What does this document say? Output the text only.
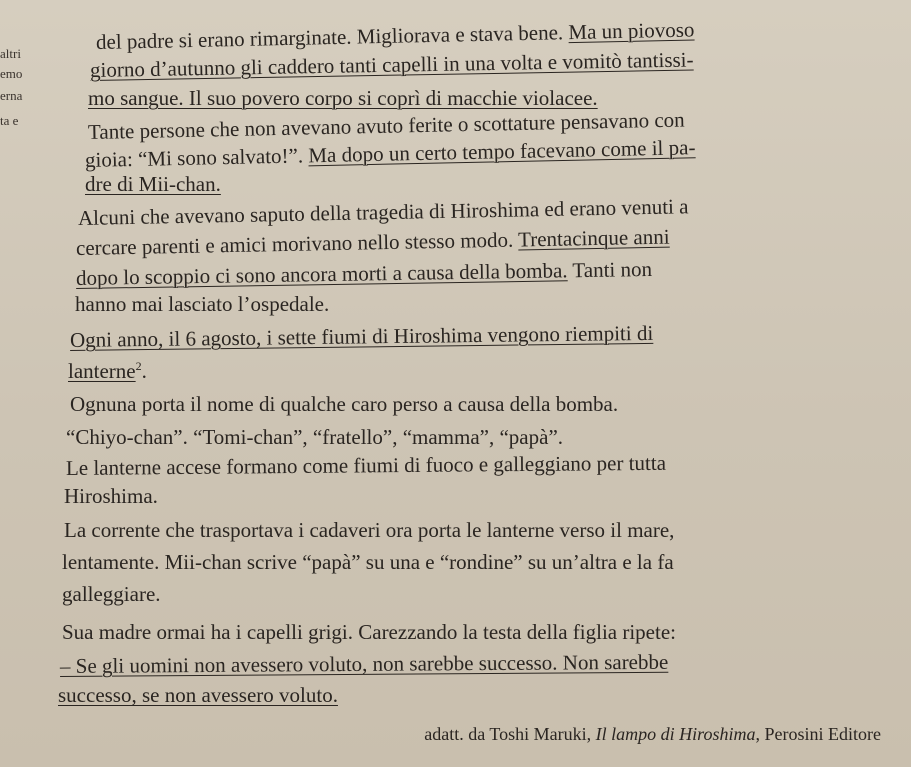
altri
emo
erna
ta e
del padre si erano rimarginate. Migliorava e stava bene. Ma un piovoso
giorno d’autunno gli caddero tanti capelli in una volta e vomitò tantissi-
mo sangue. Il suo povero corpo si coprì di macchie violacee.
Tante persone che non avevano avuto ferite o scottature pensavano con
gioia: “Mi sono salvato!”. Ma dopo un certo tempo facevano come il pa-
dre di Mii-chan.
Alcuni che avevano saputo della tragedia di Hiroshima ed erano venuti a
cercare parenti e amici morivano nello stesso modo. Trentacinque anni
dopo lo scoppio ci sono ancora morti a causa della bomba. Tanti non
hanno mai lasciato l’ospedale.
Ogni anno, il 6 agosto, i sette fiumi di Hiroshima vengono riempiti di
lanterne$^2$.
Ognuna porta il nome di qualche caro perso a causa della bomba.
“Chiyo-chan”. “Tomi-chan”, “fratello”, “mamma”, “papà”.
Le lanterne accese formano come fiumi di fuoco e galleggiano per tutta
Hiroshima.
La corrente che trasportava i cadaveri ora porta le lanterne verso il mare,
lentamente. Mii-chan scrive “papà” su una e “rondine” su un’altra e la fa
galleggiare.
Sua madre ormai ha i capelli grigi. Carezzando la testa della figlia ripete:
– Se gli uomini non avessero voluto, non sarebbe successo. Non sarebbe
successo, se non avessero voluto.
adatt. da Toshi Maruki, Il lampo di Hiroshima, Perosini Editore
